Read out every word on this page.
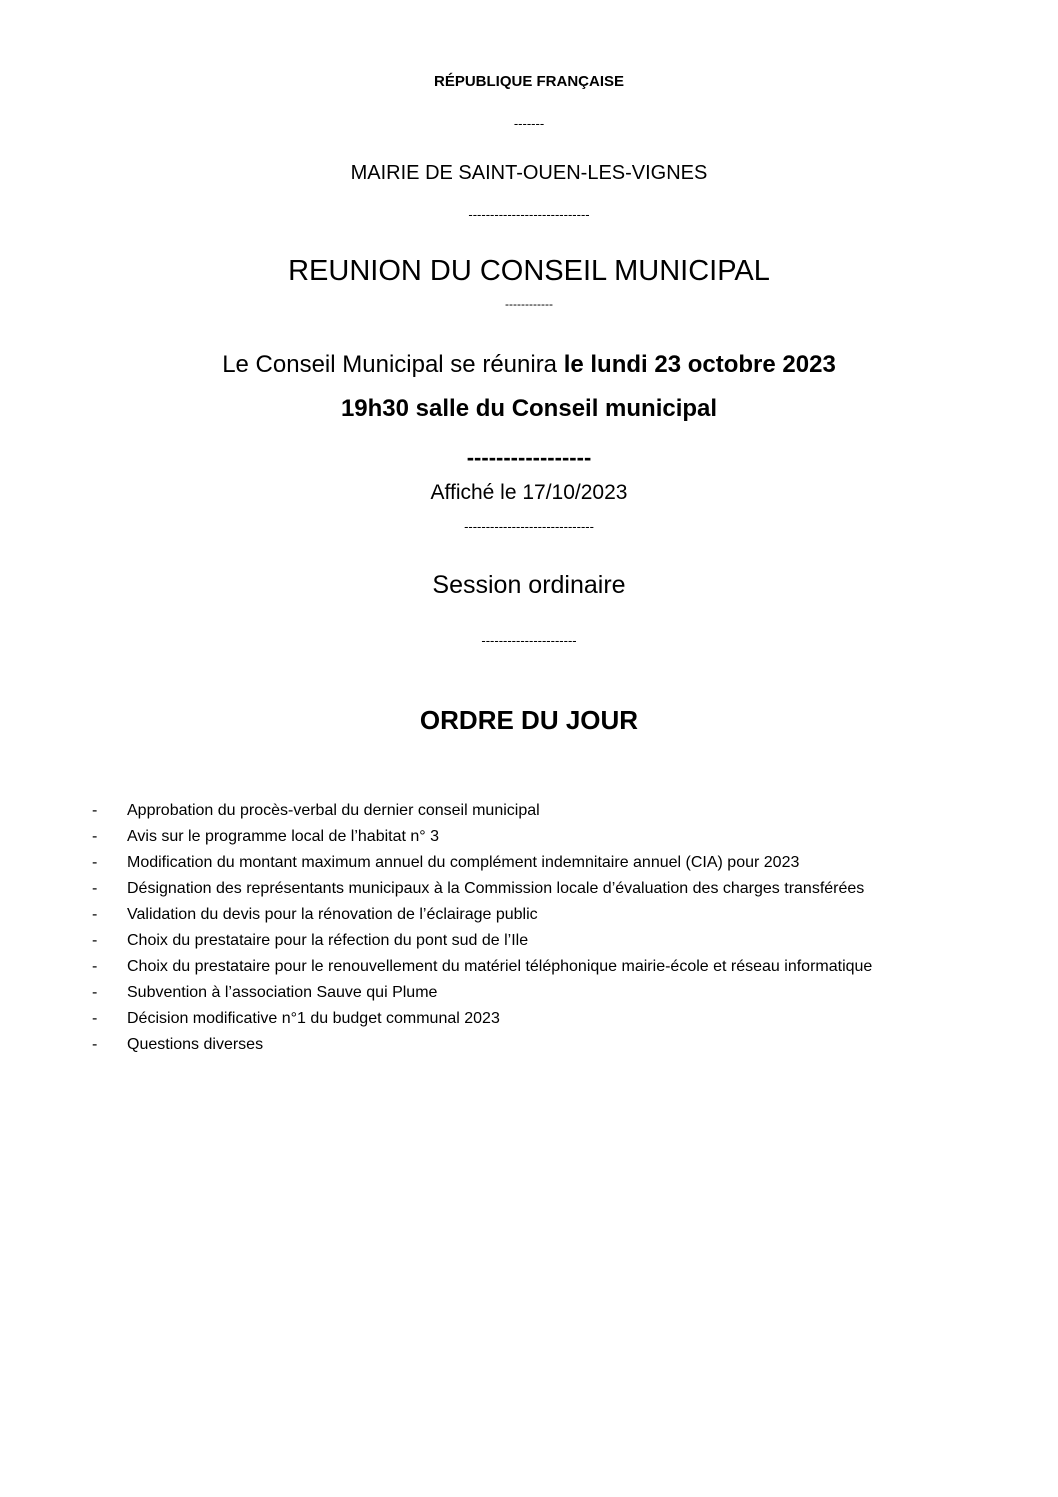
RÉPUBLIQUE FRANÇAISE
-------
MAIRIE DE SAINT-OUEN-LES-VIGNES
----------------------------
REUNION DU CONSEIL MUNICIPAL
------------
Le Conseil Municipal se réunira le lundi 23 octobre 2023
19h30 salle du Conseil municipal
-----------------
Affiché le 17/10/2023
------------------------------
Session ordinaire
----------------------
ORDRE DU JOUR
- Approbation du procès-verbal du dernier conseil municipal
- Avis sur le programme local de l’habitat n° 3
- Modification du montant maximum annuel du complément indemnitaire annuel (CIA) pour 2023
- Désignation des représentants municipaux à la Commission locale d’évaluation des charges transférées
- Validation du devis pour la rénovation de l’éclairage public
- Choix du prestataire pour la réfection du pont sud de l’Ile
- Choix du prestataire pour le renouvellement du matériel téléphonique mairie-école et réseau informatique
- Subvention à l’association Sauve qui Plume
- Décision modificative n°1 du budget communal 2023
- Questions diverses
